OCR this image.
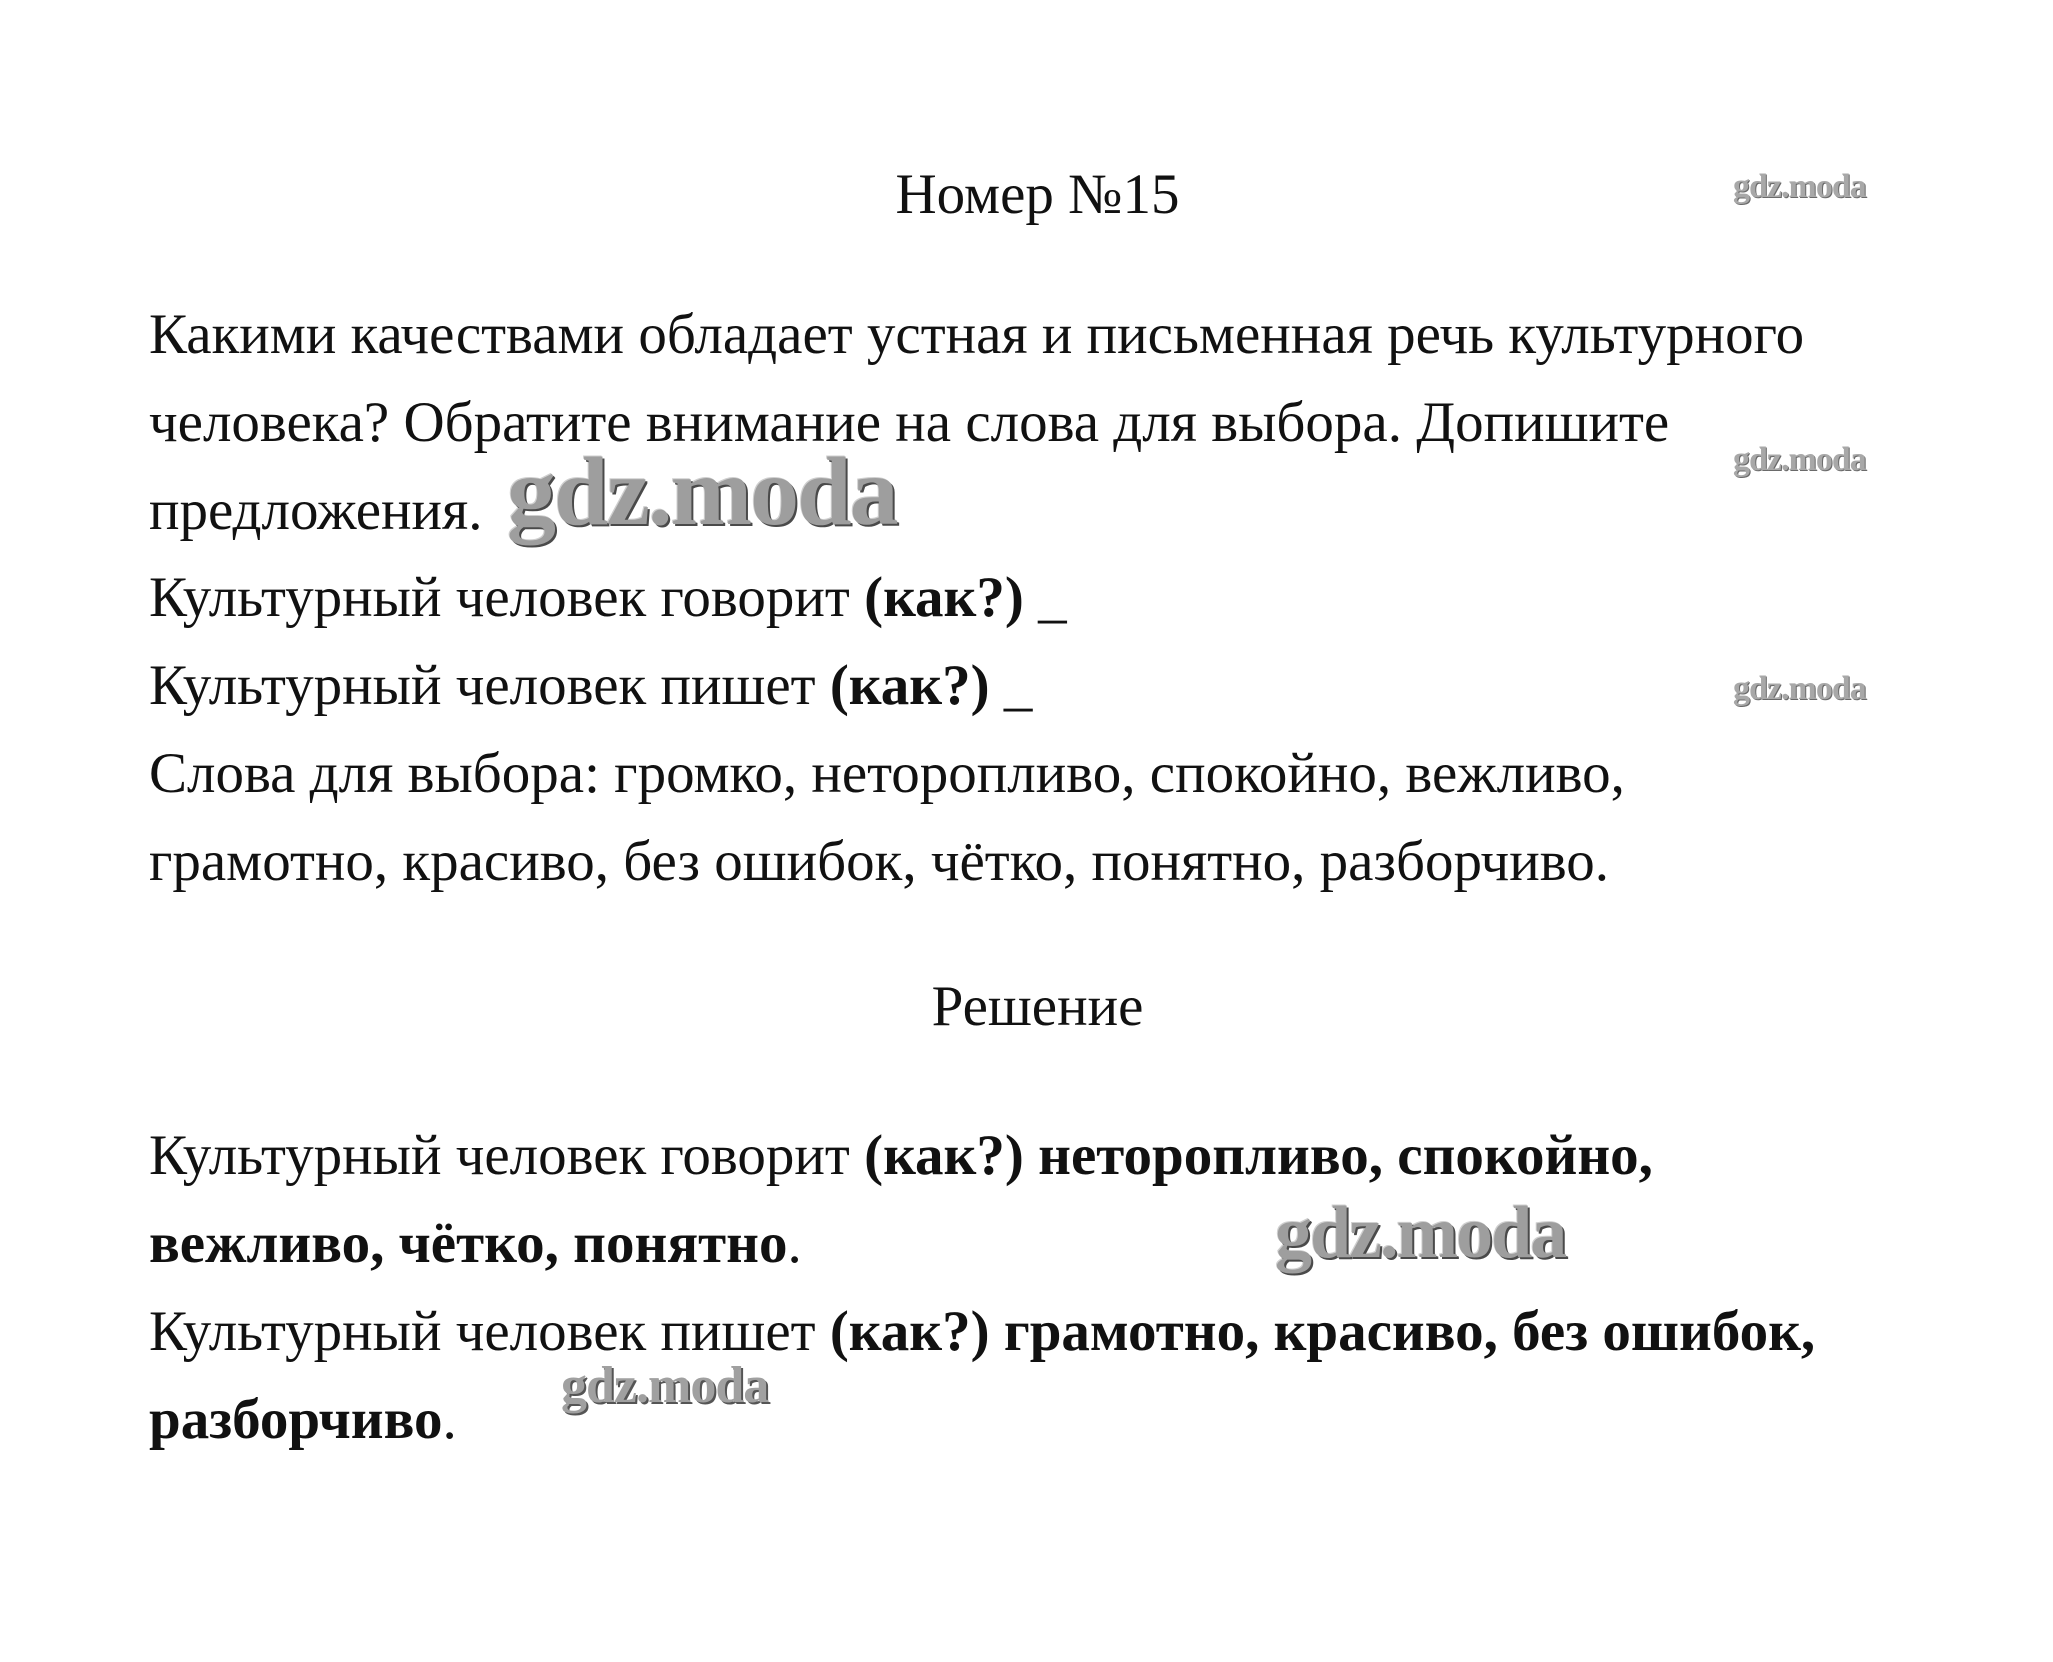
Номер №15
Какими качествами обладает устная и письменная речь культурного
человека? Обратите внимание на слова для выбора. Допишите
предложения.
Культурный человек говорит (как?) _
Культурный человек пишет (как?) _
Слова для выбора: громко, неторопливо, спокойно, вежливо,
грамотно, красиво, без ошибок, чётко, понятно, разборчиво.
Решение
Культурный человек говорит (как?) неторопливо, спокойно,
вежливо, чётко, понятно.
Культурный человек пишет (как?) грамотно, красиво, без ошибок,
разборчиво.
gdz.moda
gdz.moda
gdz.moda
gdz.moda
gdz.moda
gdz.moda
